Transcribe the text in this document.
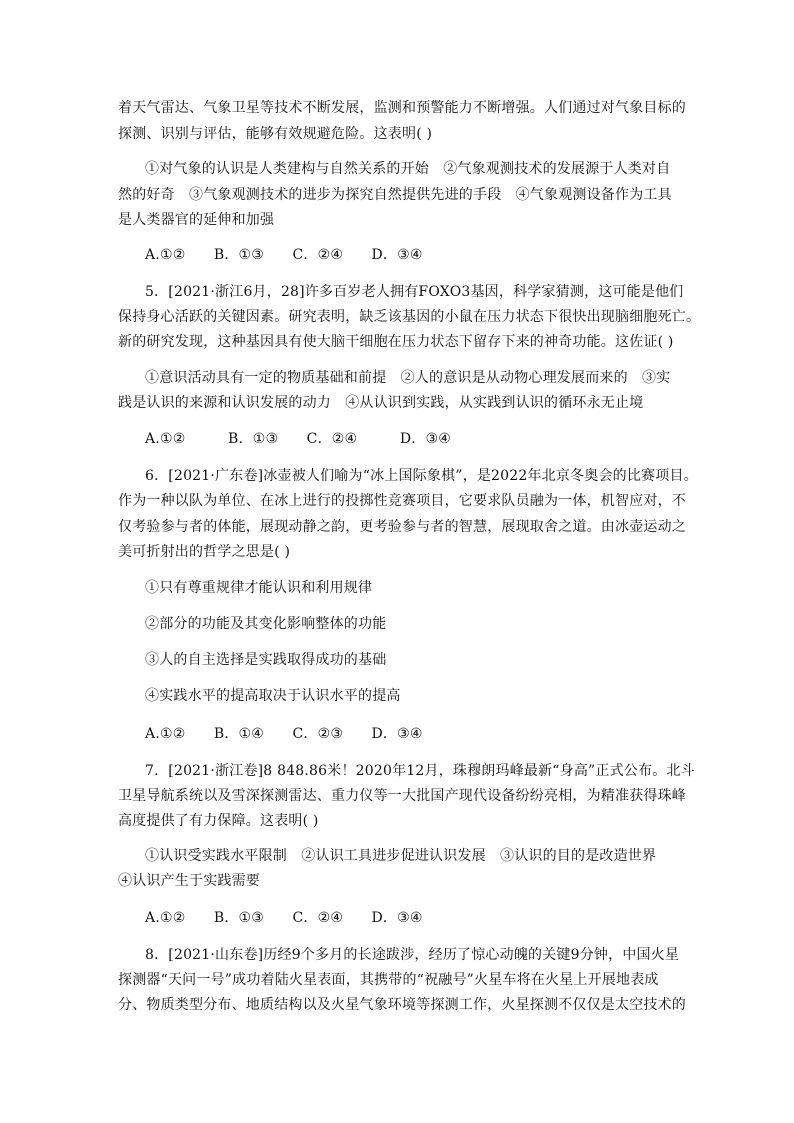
着天气雷达、气象卫星等技术不断发展，监测和预警能力不断增强。人们通过对气象目标的
探测、识别与评估，能够有效规避危险。这表明( )
①对气象的认识是人类建构与自然关系的开始　②气象观测技术的发展源于人类对自
然的好奇　③气象观测技术的进步为探究自然提供先进的手段　④气象观测设备作为工具
是人类器官的延伸和加强
A.①②　　B．①③　　C．②④　　D．③④
5．[2021·浙江6月，28]许多百岁老人拥有FOXO3基因，科学家猜测，这可能是他们
保持身心活跃的关键因素。研究表明，缺乏该基因的小鼠在压力状态下很快出现脑细胞死亡。
新的研究发现，这种基因具有使大脑干细胞在压力状态下留存下来的神奇功能。这佐证( )
①意识活动具有一定的物质基础和前提　②人的意识是从动物心理发展而来的　③实
践是认识的来源和认识发展的动力　④从认识到实践，从实践到认识的循环永无止境
A.①②　　　B．①③　　C．②④　　　D．③④
6．[2021·广东卷]冰壶被人们喻为“冰上国际象棋”，是2022年北京冬奥会的比赛项目。
作为一种以队为单位、在冰上进行的投掷性竞赛项目，它要求队员融为一体，机智应对，不
仅考验参与者的体能，展现动静之韵，更考验参与者的智慧，展现取舍之道。由冰壶运动之
美可折射出的哲学之思是( )
①只有尊重规律才能认识和利用规律
②部分的功能及其变化影响整体的功能
③人的自主选择是实践取得成功的基础
④实践水平的提高取决于认识水平的提高
A.①②　　B．①④　　C．②③　　D．③④
7．[2021·浙江卷]8 848.86米！2020年12月，珠穆朗玛峰最新“身高”正式公布。北斗
卫星导航系统以及雪深探测雷达、重力仪等一大批国产现代设备纷纷亮相，为精准获得珠峰
高度提供了有力保障。这表明( )
①认识受实践水平限制　②认识工具进步促进认识发展　③认识的目的是改造世界
④认识产生于实践需要
A.①②　　B．①③　　C．②④　　D．③④
8．[2021·山东卷]历经9个多月的长途跋涉，经历了惊心动魄的关键9分钟，中国火星
探测器“天问一号”成功着陆火星表面，其携带的“祝融号”火星车将在火星上开展地表成
分、物质类型分布、地质结构以及火星气象环境等探测工作，火星探测不仅仅是太空技术的
